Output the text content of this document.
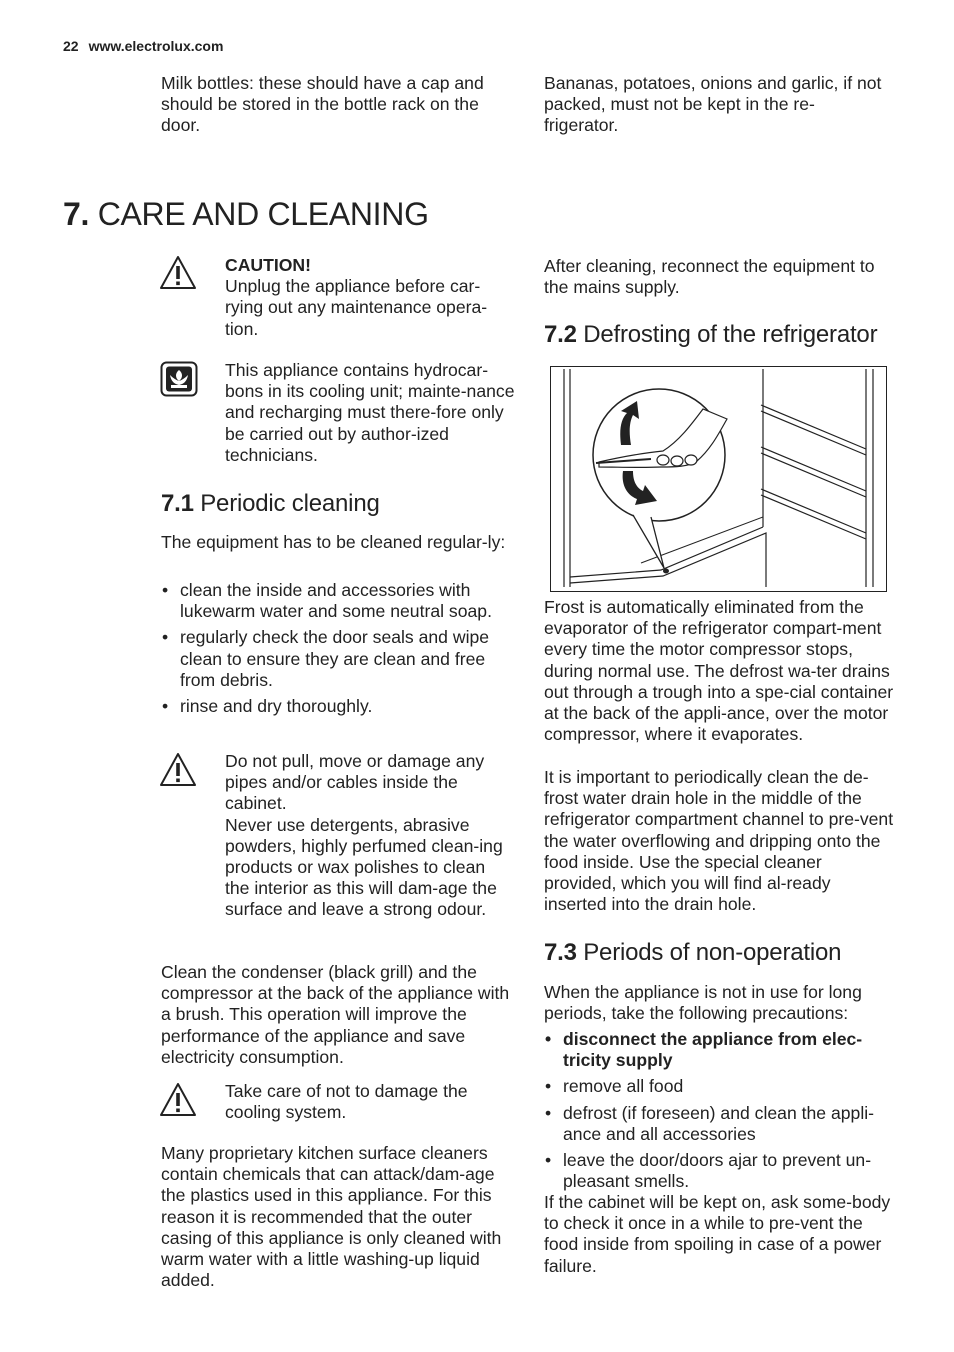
22 www.electrolux.com
Milk bottles: these should have a cap and should be stored in the bottle rack on the door.
Bananas, potatoes, onions and garlic, if not packed, must not be kept in the re-frigerator.
7. CARE AND CLEANING
CAUTION!
Unplug the appliance before car-rying out any maintenance opera-tion.
This appliance contains hydrocar-bons in its cooling unit; mainte-nance and recharging must there-fore only be carried out by author-ized technicians.
7.1 Periodic cleaning
The equipment has to be cleaned regular-ly:
• clean the inside and accessories with lukewarm water and some neutral soap.
• regularly check the door seals and wipe clean to ensure they are clean and free from debris.
• rinse and dry thoroughly.
Do not pull, move or damage any pipes and/or cables inside the cabinet.
Never use detergents, abrasive powders, highly perfumed clean-ing products or wax polishes to clean the interior as this will dam-age the surface and leave a strong odour.
Clean the condenser (black grill) and the compressor at the back of the appliance with a brush. This operation will improve the performance of the appliance and save electricity consumption.
Take care of not to damage the cooling system.
Many proprietary kitchen surface cleaners contain chemicals that can attack/dam-age the plastics used in this appliance. For this reason it is recommended that the outer casing of this appliance is only cleaned with warm water with a little washing-up liquid added.
After cleaning, reconnect the equipment to the mains supply.
7.2 Defrosting of the refrigerator
Frost is automatically eliminated from the evaporator of the refrigerator compart-ment every time the motor compressor stops, during normal use. The defrost wa-ter drains out through a trough into a spe-cial container at the back of the appli-ance, over the motor compressor, where it evaporates.
It is important to periodically clean the de-frost water drain hole in the middle of the refrigerator compartment channel to pre-vent the water overflowing and dripping onto the food inside. Use the special cleaner provided, which you will find al-ready inserted into the drain hole.
7.3 Periods of non-operation
When the appliance is not in use for long periods, take the following precautions:
• disconnect the appliance from elec-tricity supply
• remove all food
• defrost (if foreseen) and clean the appli-ance and all accessories
• leave the door/doors ajar to prevent un-pleasant smells.
If the cabinet will be kept on, ask some-body to check it once in a while to pre-vent the food inside from spoiling in case of a power failure.
